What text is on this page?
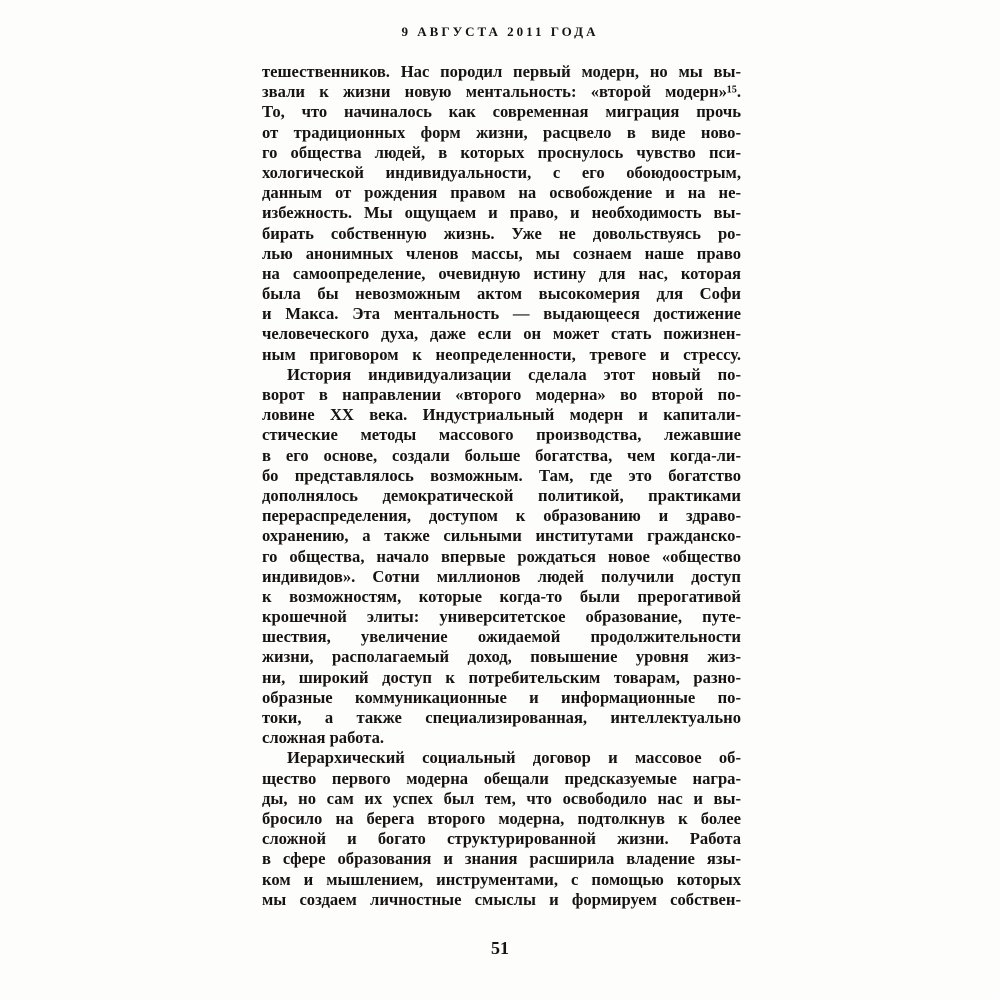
9 АВГУСТА 2011 ГОДА
тешественников. Нас породил первый модерн, но мы вы-
звали к жизни новую ментальность: «второй модерн»¹⁵.
То, что начиналось как современная миграция прочь
от традиционных форм жизни, расцвело в виде ново-
го общества людей, в которых проснулось чувство пси-
хологической индивидуальности, с его обоюдоострым,
данным от рождения правом на освобождение и на не-
избежность. Мы ощущаем и право, и необходимость вы-
бирать собственную жизнь. Уже не довольствуясь ро-
лью анонимных членов массы, мы сознаем наше право
на самоопределение, очевидную истину для нас, которая
была бы невозможным актом высокомерия для Софи
и Макса. Эта ментальность — выдающееся достижение
человеческого духа, даже если он может стать пожизнен-
ным приговором к неопределенности, тревоге и стрессу.
История индивидуализации сделала этот новый по-
ворот в направлении «второго модерна» во второй по-
ловине XX века. Индустриальный модерн и капитали-
стические методы массового производства, лежавшие
в его основе, создали больше богатства, чем когда-ли-
бо представлялось возможным. Там, где это богатство
дополнялось демократической политикой, практиками
перераспределения, доступом к образованию и здраво-
охранению, а также сильными институтами гражданско-
го общества, начало впервые рождаться новое «общество
индивидов». Сотни миллионов людей получили доступ
к возможностям, которые когда-то были прерогативой
крошечной элиты: университетское образование, путе-
шествия, увеличение ожидаемой продолжительности
жизни, располагаемый доход, повышение уровня жиз-
ни, широкий доступ к потребительским товарам, разно-
образные коммуникационные и информационные по-
токи, а также специализированная, интеллектуально
сложная работа.
Иерархический социальный договор и массовое об-
щество первого модерна обещали предсказуемые награ-
ды, но сам их успех был тем, что освободило нас и вы-
бросило на берега второго модерна, подтолкнув к более
сложной и богато структурированной жизни. Работа
в сфере образования и знания расширила владение язы-
ком и мышлением, инструментами, с помощью которых
мы создаем личностные смыслы и формируем собствен-
51
